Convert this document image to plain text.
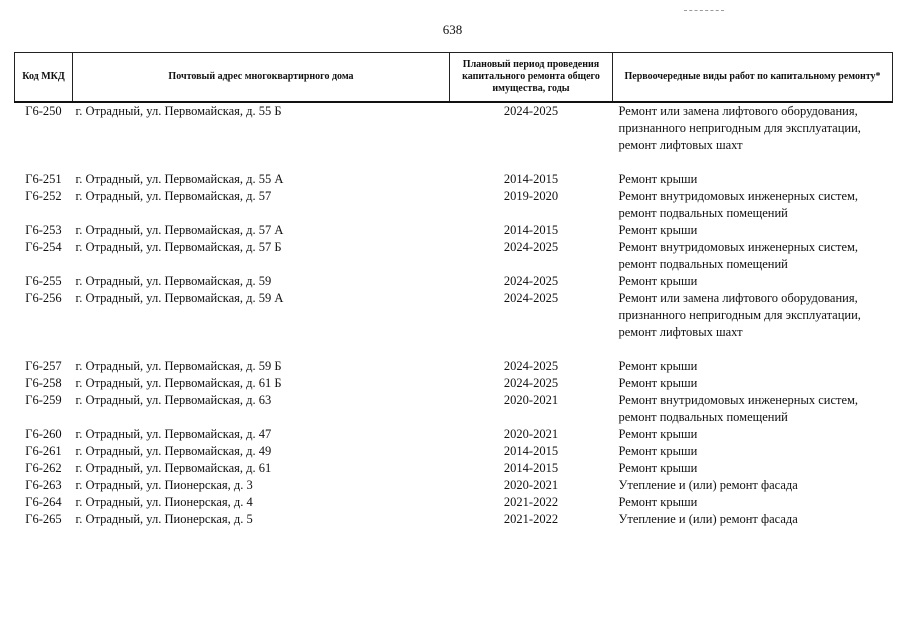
638
Код МКД	Почтовый адрес многоквартирного дома	Плановый период проведения капитального ремонта общего имущества, годы	Первоочередные виды работ по капитальному ремонту*
Г6-250	г. Отрадный, ул. Первомайская, д. 55 Б	2024-2025	Ремонт или замена лифтового оборудования, признанного непригодным для эксплуатации, ремонт лифтовых шахт
Г6-251	г. Отрадный, ул. Первомайская, д. 55 А	2014-2015	Ремонт крыши
Г6-252	г. Отрадный, ул. Первомайская, д. 57	2019-2020	Ремонт внутридомовых инженерных систем, ремонт подвальных помещений
Г6-253	г. Отрадный, ул. Первомайская, д. 57 А	2014-2015	Ремонт крыши
Г6-254	г. Отрадный, ул. Первомайская, д. 57 Б	2024-2025	Ремонт внутридомовых инженерных систем, ремонт подвальных помещений
Г6-255	г. Отрадный, ул. Первомайская, д. 59	2024-2025	Ремонт крыши
Г6-256	г. Отрадный, ул. Первомайская, д. 59 А	2024-2025	Ремонт или замена лифтового оборудования, признанного непригодным для эксплуатации, ремонт лифтовых шахт
Г6-257	г. Отрадный, ул. Первомайская, д. 59 Б	2024-2025	Ремонт крыши
Г6-258	г. Отрадный, ул. Первомайская, д. 61 Б	2024-2025	Ремонт крыши
Г6-259	г. Отрадный, ул. Первомайская, д. 63	2020-2021	Ремонт внутридомовых инженерных систем, ремонт подвальных помещений
Г6-260	г. Отрадный, ул. Первомайская, д. 47	2020-2021	Ремонт крыши
Г6-261	г. Отрадный, ул. Первомайская, д. 49	2014-2015	Ремонт крыши
Г6-262	г. Отрадный, ул. Первомайская, д. 61	2014-2015	Ремонт крыши
Г6-263	г. Отрадный, ул. Пионерская, д. 3	2020-2021	Утепление и (или) ремонт фасада
Г6-264	г. Отрадный, ул. Пионерская, д. 4	2021-2022	Ремонт крыши
Г6-265	г. Отрадный, ул. Пионерская, д. 5	2021-2022	Утепление и (или) ремонт фасада
